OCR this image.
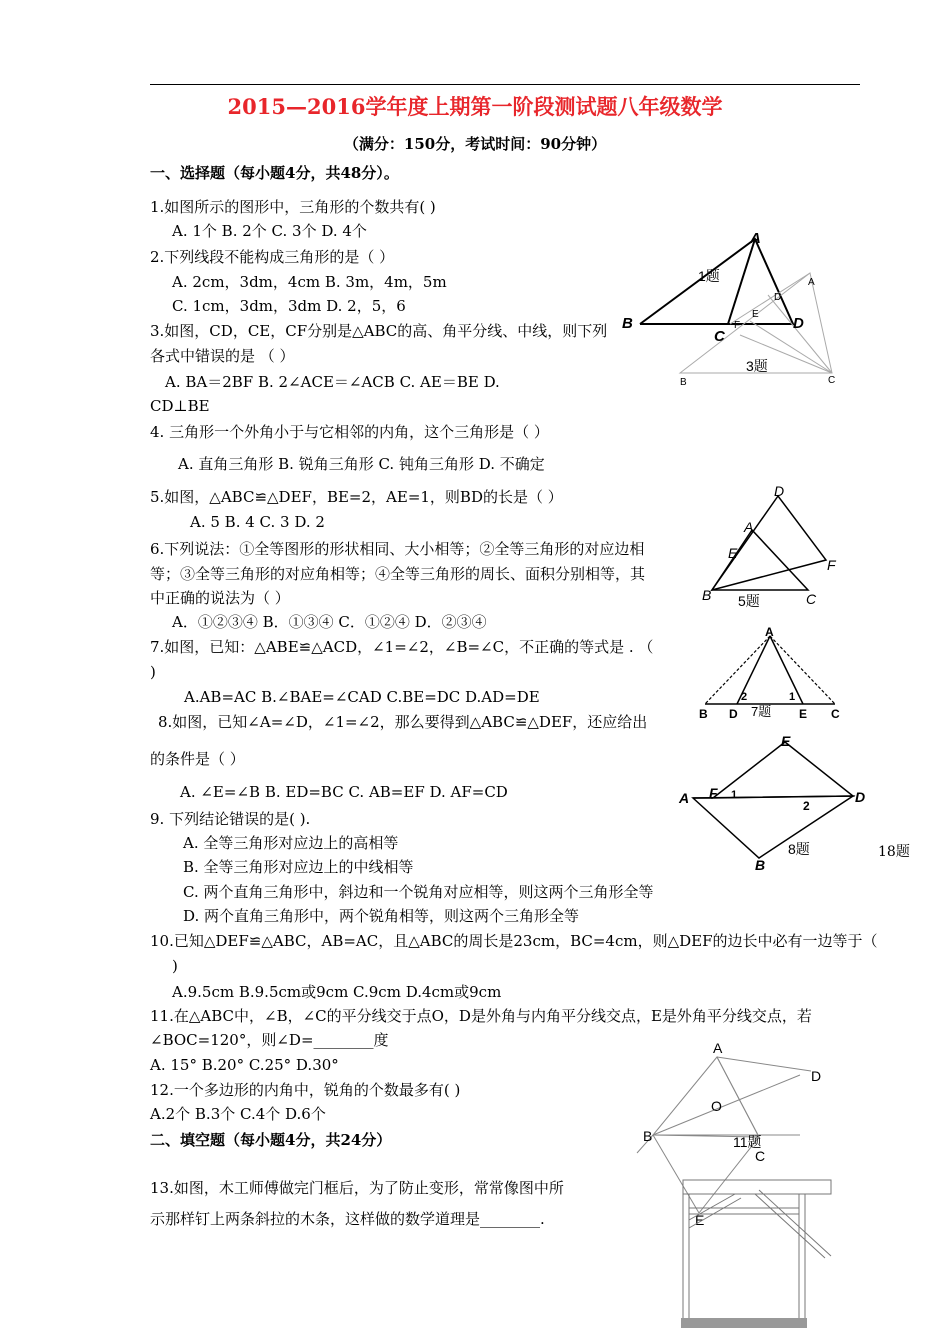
2015—2016学年度上期第一阶段测试题八年级数学
（满分：150分，考试时间：90分钟）
一、选择题（每小题4分，共48分）。
1.如图所示的图形中，三角形的个数共有( )
A. 1个 B. 2个 C. 3个 D. 4个
2.下列线段不能构成三角形的是（ ）
A. 2cm，3dm，4cm B. 3m，4m，5m
C. 1cm，3dm，3dm D. 2，5，6
3.如图，CD，CE，CF分别是△ABC的高、角平分线、中线，则下列
各式中错误的是 （ ）
A. BA＝2BF B. 2∠ACE＝∠ACB C. AE＝BE D.
CD⊥BE
4. 三角形一个外角小于与它相邻的内角，这个三角形是（ ）
A. 直角三角形 B. 锐角三角形 C. 钝角三角形 D. 不确定
5.如图，△ABC≌△DEF，BE=2，AE=1，则BD的长是（ ）
A. 5 B. 4 C. 3 D. 2
6.下列说法：①全等图形的形状相同、大小相等；②全等三角形的对应边相
等；③全等三角形的对应角相等；④全等三角形的周长、面积分别相等，其
中正确的说法为（ ）
A．①②③④ B．①③④ C．①②④ D．②③④
7.如图，已知：△ABE≌△ACD，∠1=∠2，∠B=∠C，不正确的等式是 . （
)
A.AB=AC B.∠BAE=∠CAD C.BE=DC D.AD=DE
8.如图，已知∠A=∠D，∠1=∠2，那么要得到△ABC≌△DEF，还应给出
的条件是（ ）
A. ∠E=∠B B. ED=BC C. AB=EF D. AF=CD
9. 下列结论错误的是( ).
A. 全等三角形对应边上的高相等
B. 全等三角形对应边上的中线相等
C. 两个直角三角形中，斜边和一个锐角对应相等，则这两个三角形全等
D. 两个直角三角形中，两个锐角相等，则这两个三角形全等
10.已知△DEF≌△ABC，AB=AC，且△ABC的周长是23cm，BC=4cm，则△DEF的边长中必有一边等于（
)
A.9.5cm B.9.5cm或9cm C.9cm D.4cm或9cm
11.在△ABC中，∠B，∠C的平分线交于点O，D是外角与内角平分线交点，E是外角平分线交点，若
∠BOC=120°，则∠D=________度
A. 15° B.20° C.25° D.30°
12.一个多边形的内角中，锐角的个数最多有( )
A.2个 B.3个 C.4个 D.6个
二、填空题（每小题4分，共24分）
13.如图，木工师傅做完门框后，为了防止变形，常常像图中所
示那样钉上两条斜拉的木条，这样做的数学道理是________.
A
B
C
D
1题	A
D
E
F
B	C
3题
D
A
E
F
B	C
5题
A
B D	E C
2	1
7题
E
A F 1
2
D
B
8题	18题
A
D
O
B
C
11题
E
